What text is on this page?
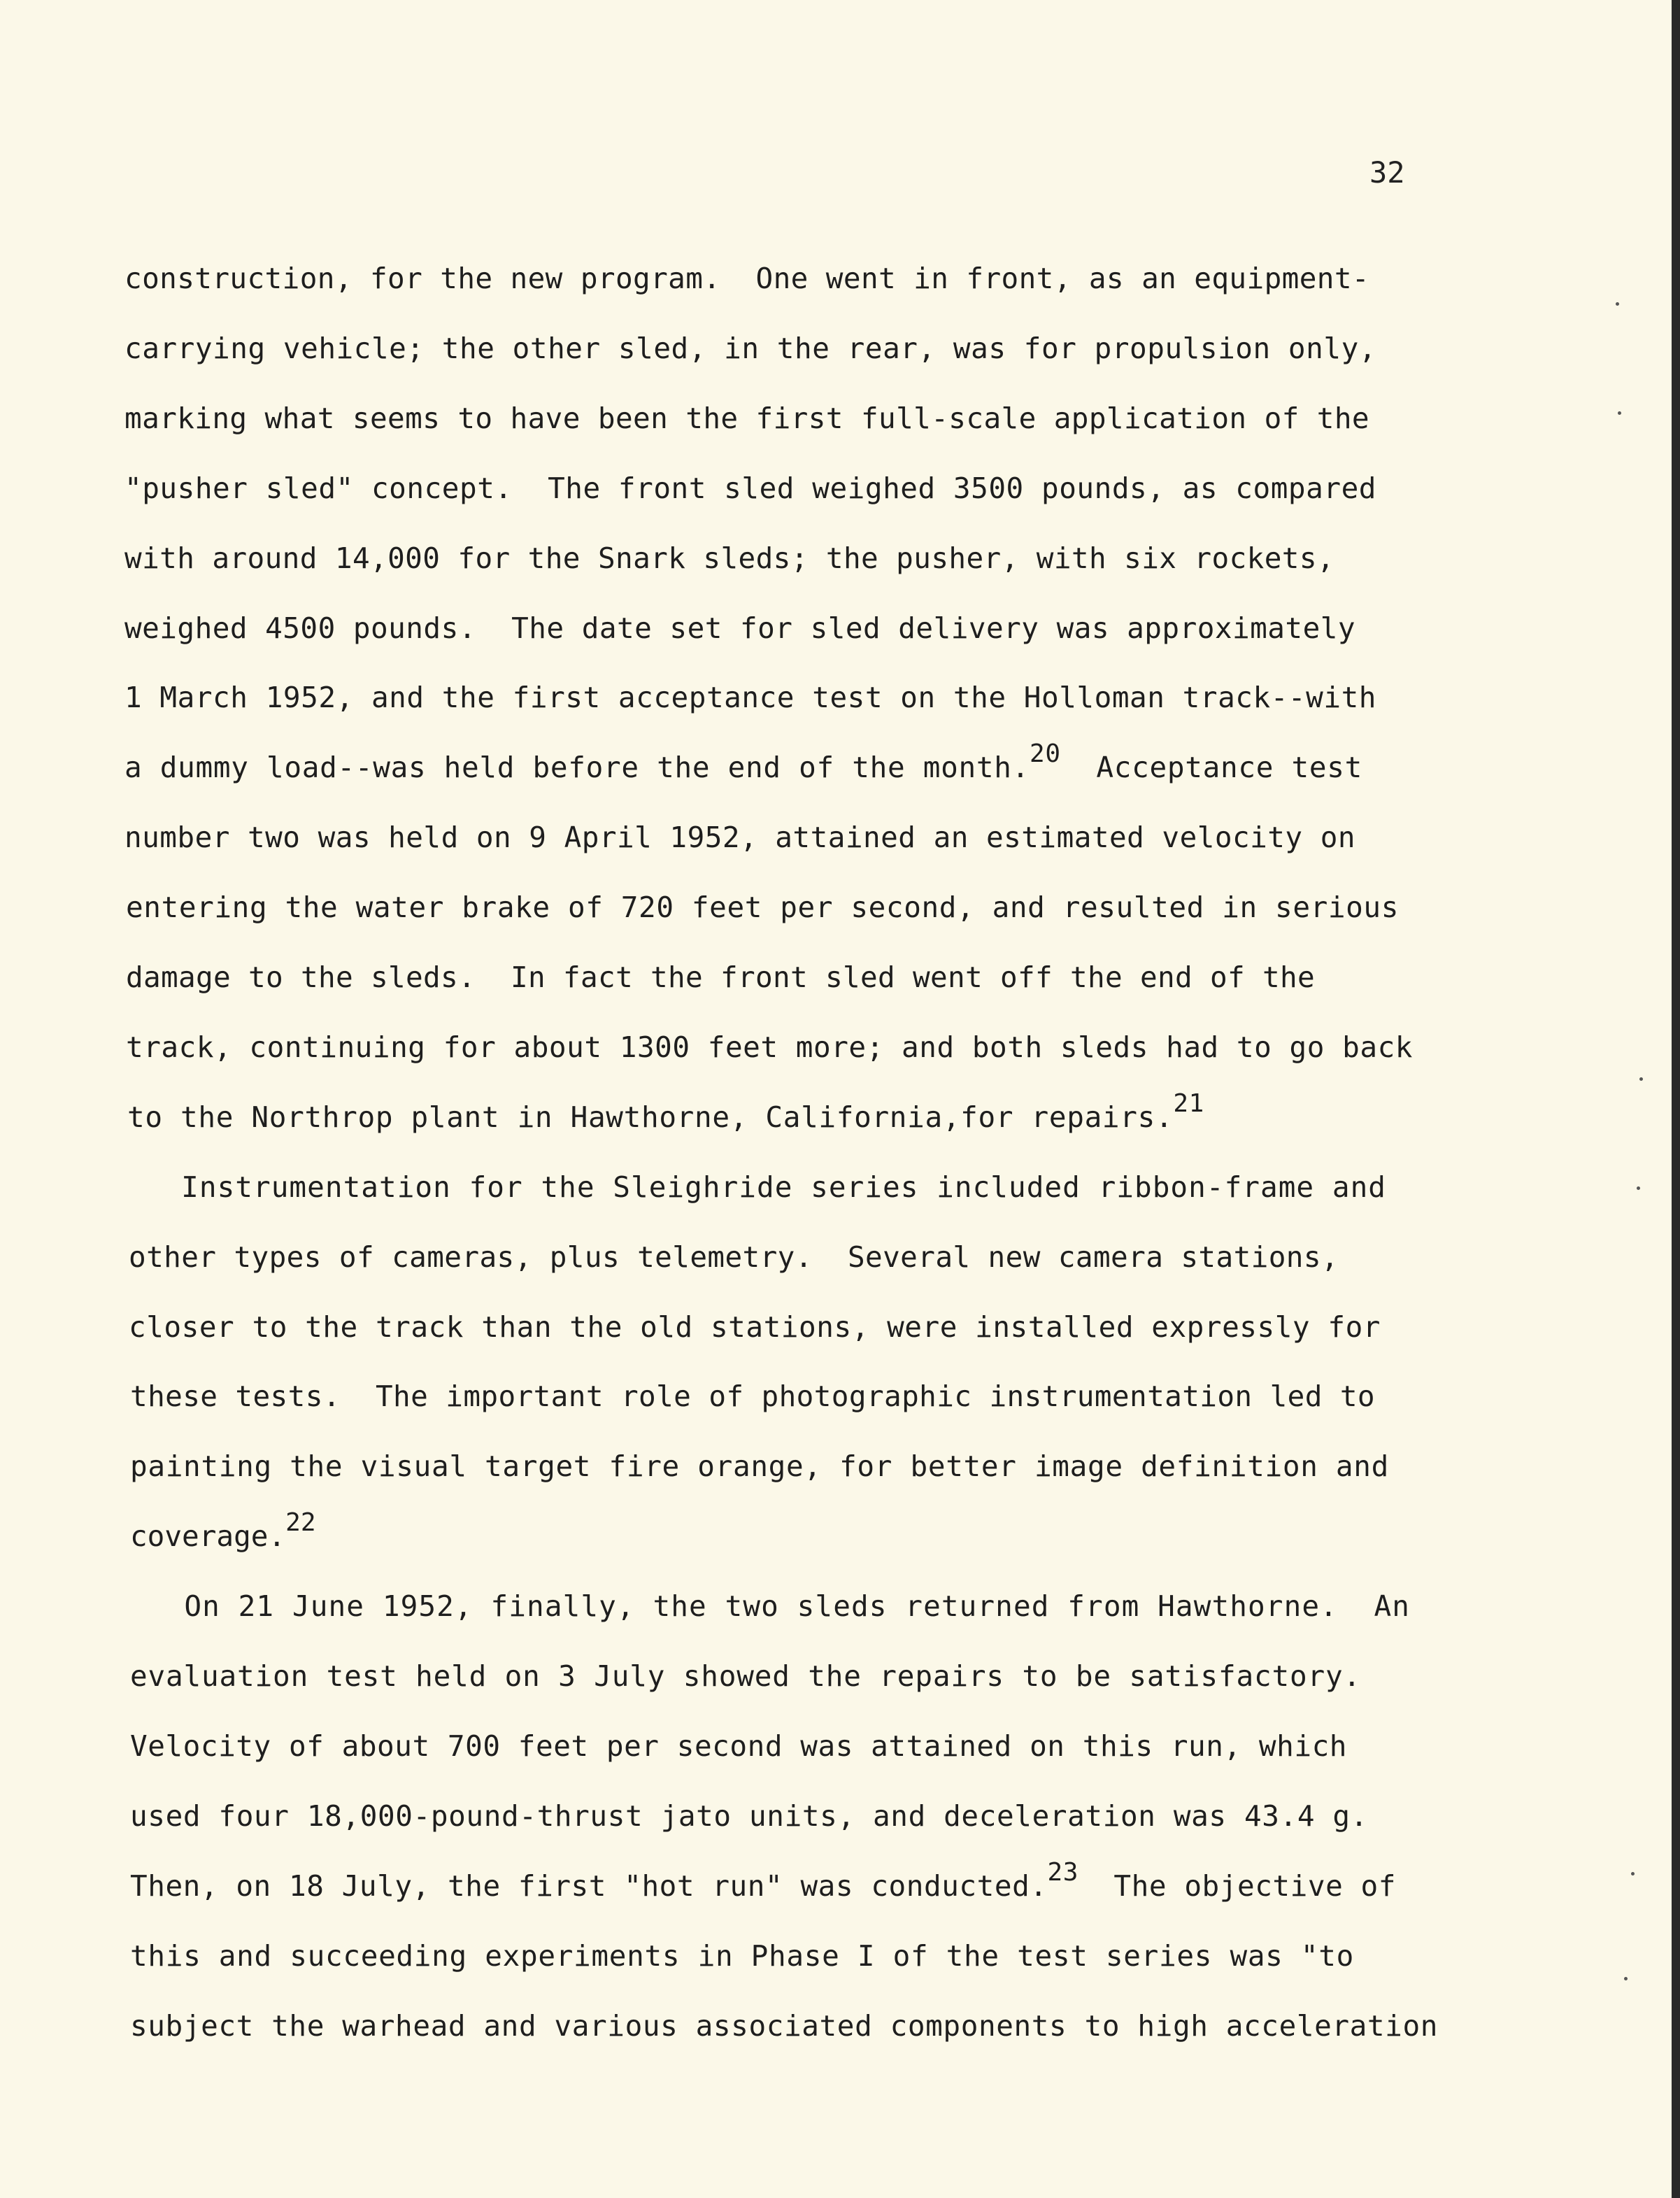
32

construction, for the new program.  One went in front, as an equipment-

carrying vehicle; the other sled, in the rear, was for propulsion only,

marking what seems to have been the first full-scale application of the

"pusher sled" concept.  The front sled weighed 3500 pounds, as compared

with around 14,000 for the Snark sleds; the pusher, with six rockets,

weighed 4500 pounds.  The date set for sled delivery was approximately

1 March 1952, and the first acceptance test on the Holloman track--with

a dummy load--was held before the end of the month.$^{20}$  Acceptance test

number two was held on 9 April 1952, attained an estimated velocity on

entering the water brake of 720 feet per second, and resulted in serious

damage to the sleds.  In fact the front sled went off the end of the

track, continuing for about 1300 feet more; and both sleds had to go back

to the Northrop plant in Hawthorne, California,for repairs.$^{21}$

Instrumentation for the Sleighride series included ribbon-frame and

other types of cameras, plus telemetry.  Several new camera stations,

closer to the track than the old stations, were installed expressly for

these tests.  The important role of photographic instrumentation led to

painting the visual target fire orange, for better image definition and

coverage.$^{22}$

On 21 June 1952, finally, the two sleds returned from Hawthorne.  An

evaluation test held on 3 July showed the repairs to be satisfactory.

Velocity of about 700 feet per second was attained on this run, which

used four 18,000-pound-thrust jato units, and deceleration was 43.4 g.

Then, on 18 July, the first "hot run" was conducted.$^{23}$  The objective of

this and succeeding experiments in Phase I of the test series was "to

subject the warhead and various associated components to high acceleration
